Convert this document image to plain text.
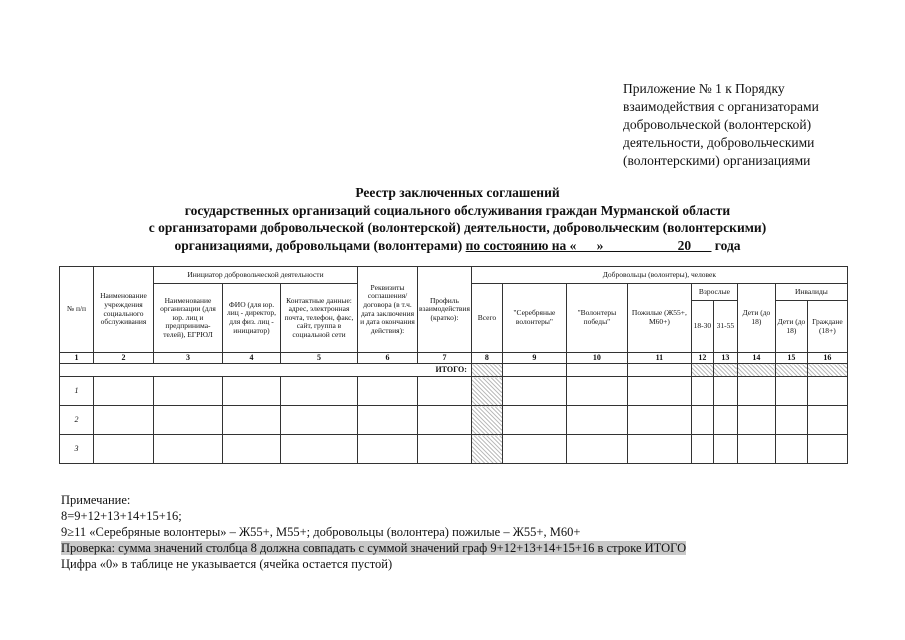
Приложение № 1 к Порядку
взаимодействия с организаторами
добровольческой (волонтерской)
деятельности, добровольческими
(волонтерскими) организациями
Реестр заключенных соглашений
государственных организаций социального обслуживания граждан Мурманской области
с организаторами добровольческой (волонтерской) деятельности, добровольческим (волонтерскими)
организациями, добровольцами (волонтерами) по состоянию на «___»___________20___ года
№ п/п	Наименование учреждения социального обслуживания	Инициатор добровольческой деятельности			Реквизиты соглашения/ договора (в т.ч. дата заключения и дата окончания действия):	Профиль взаимодействия (кратко):	Добровольцы (волонтеры), человек								
		Наименование организации (для юр. лиц и предпринима-телей), ЕГРЮЛ	ФИО (для юр. лиц - директор, для физ. лиц - инициатор)	Контактные данные: адрес, электронная почта, телефон, факс, сайт, группа в социальной сети			Всего	"Серебряные волонтеры"	"Волонтеры победы"	Пожилые (Ж55+, М60+)	Взрослые		Дети (до 18)	Инвалиды	
											18-30	31-55		Дети (до 18)	Граждане (18+)
1	2	3	4	5	6	7	8	9	10	11	12	13	14	15	16
ИТОГО:															
1															
2															
3															
Примечание:
8=9+12+13+14+15+16;
9≥11 «Серебряные волонтеры» – Ж55+, М55+; добровольцы (волонтера) пожилые – Ж55+, М60+
Проверка: сумма значений столбца 8 должна совпадать с суммой значений граф 9+12+13+14+15+16 в строке ИТОГО
Цифра «0» в таблице не указывается (ячейка остается пустой)
